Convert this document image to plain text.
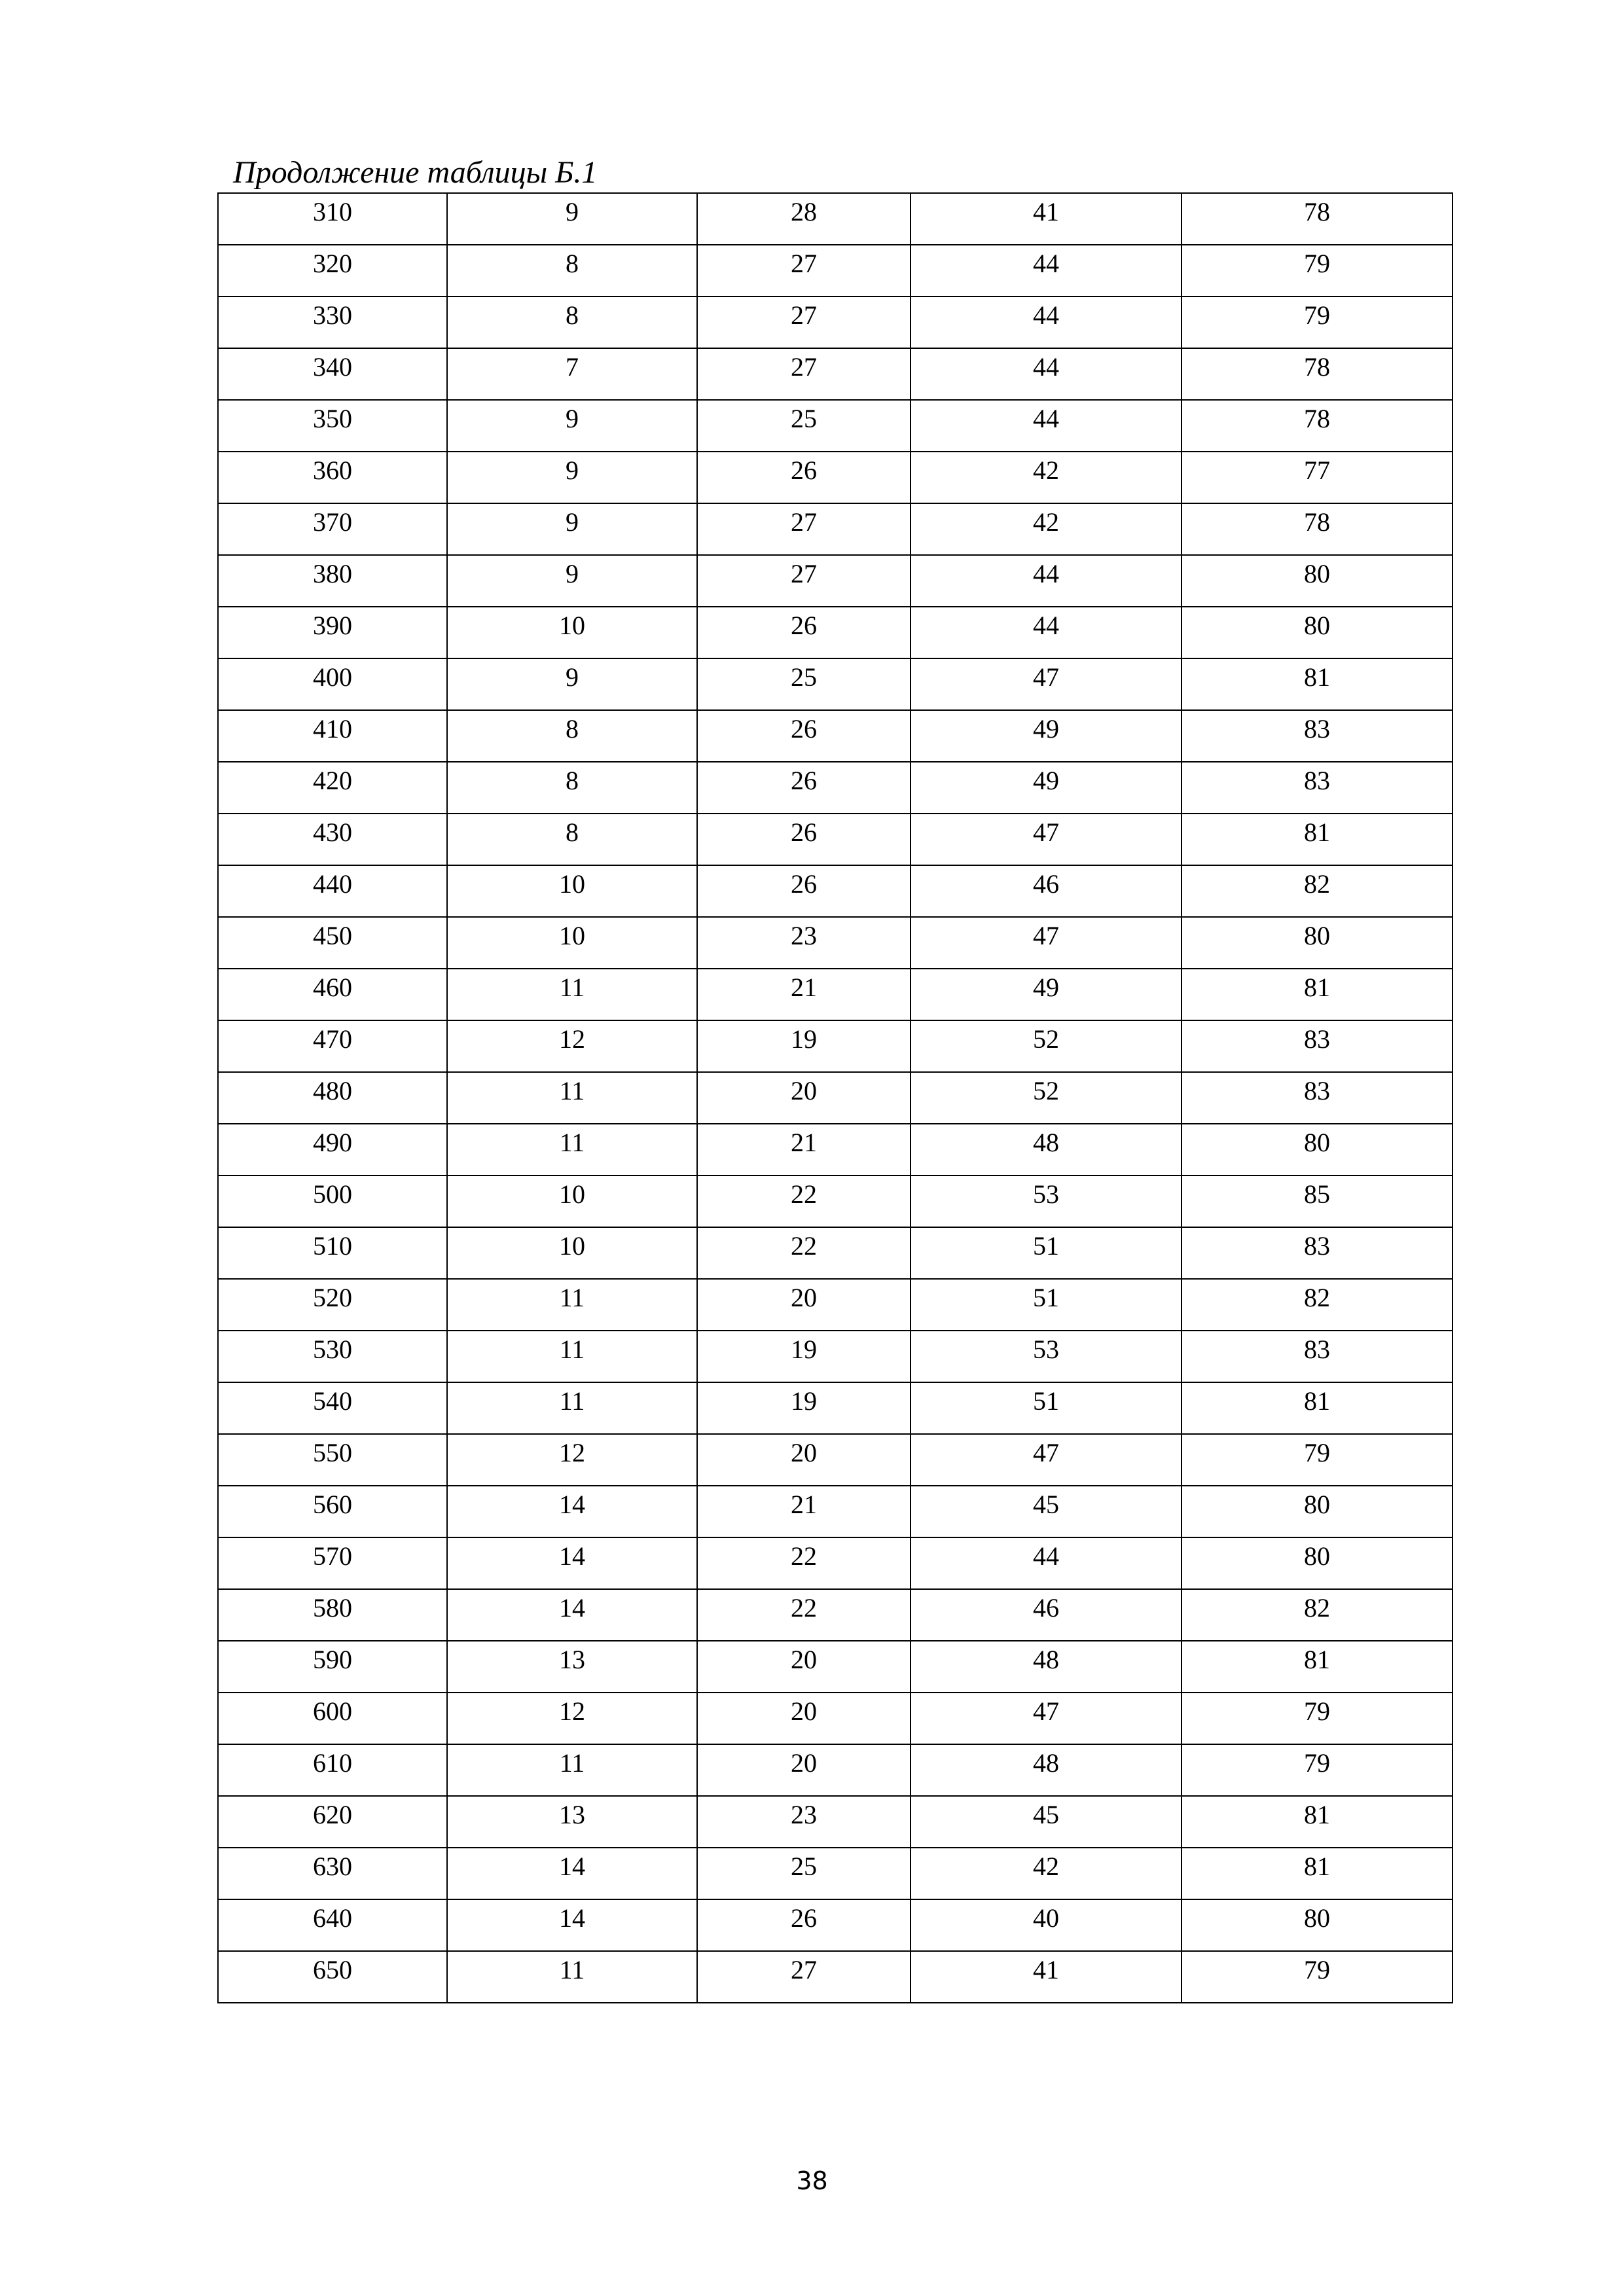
Продолжение таблицы Б.1
310	9	28	41	78
320	8	27	44	79
330	8	27	44	79
340	7	27	44	78
350	9	25	44	78
360	9	26	42	77
370	9	27	42	78
380	9	27	44	80
390	10	26	44	80
400	9	25	47	81
410	8	26	49	83
420	8	26	49	83
430	8	26	47	81
440	10	26	46	82
450	10	23	47	80
460	11	21	49	81
470	12	19	52	83
480	11	20	52	83
490	11	21	48	80
500	10	22	53	85
510	10	22	51	83
520	11	20	51	82
530	11	19	53	83
540	11	19	51	81
550	12	20	47	79
560	14	21	45	80
570	14	22	44	80
580	14	22	46	82
590	13	20	48	81
600	12	20	47	79
610	11	20	48	79
620	13	23	45	81
630	14	25	42	81
640	14	26	40	80
650	11	27	41	79
38
